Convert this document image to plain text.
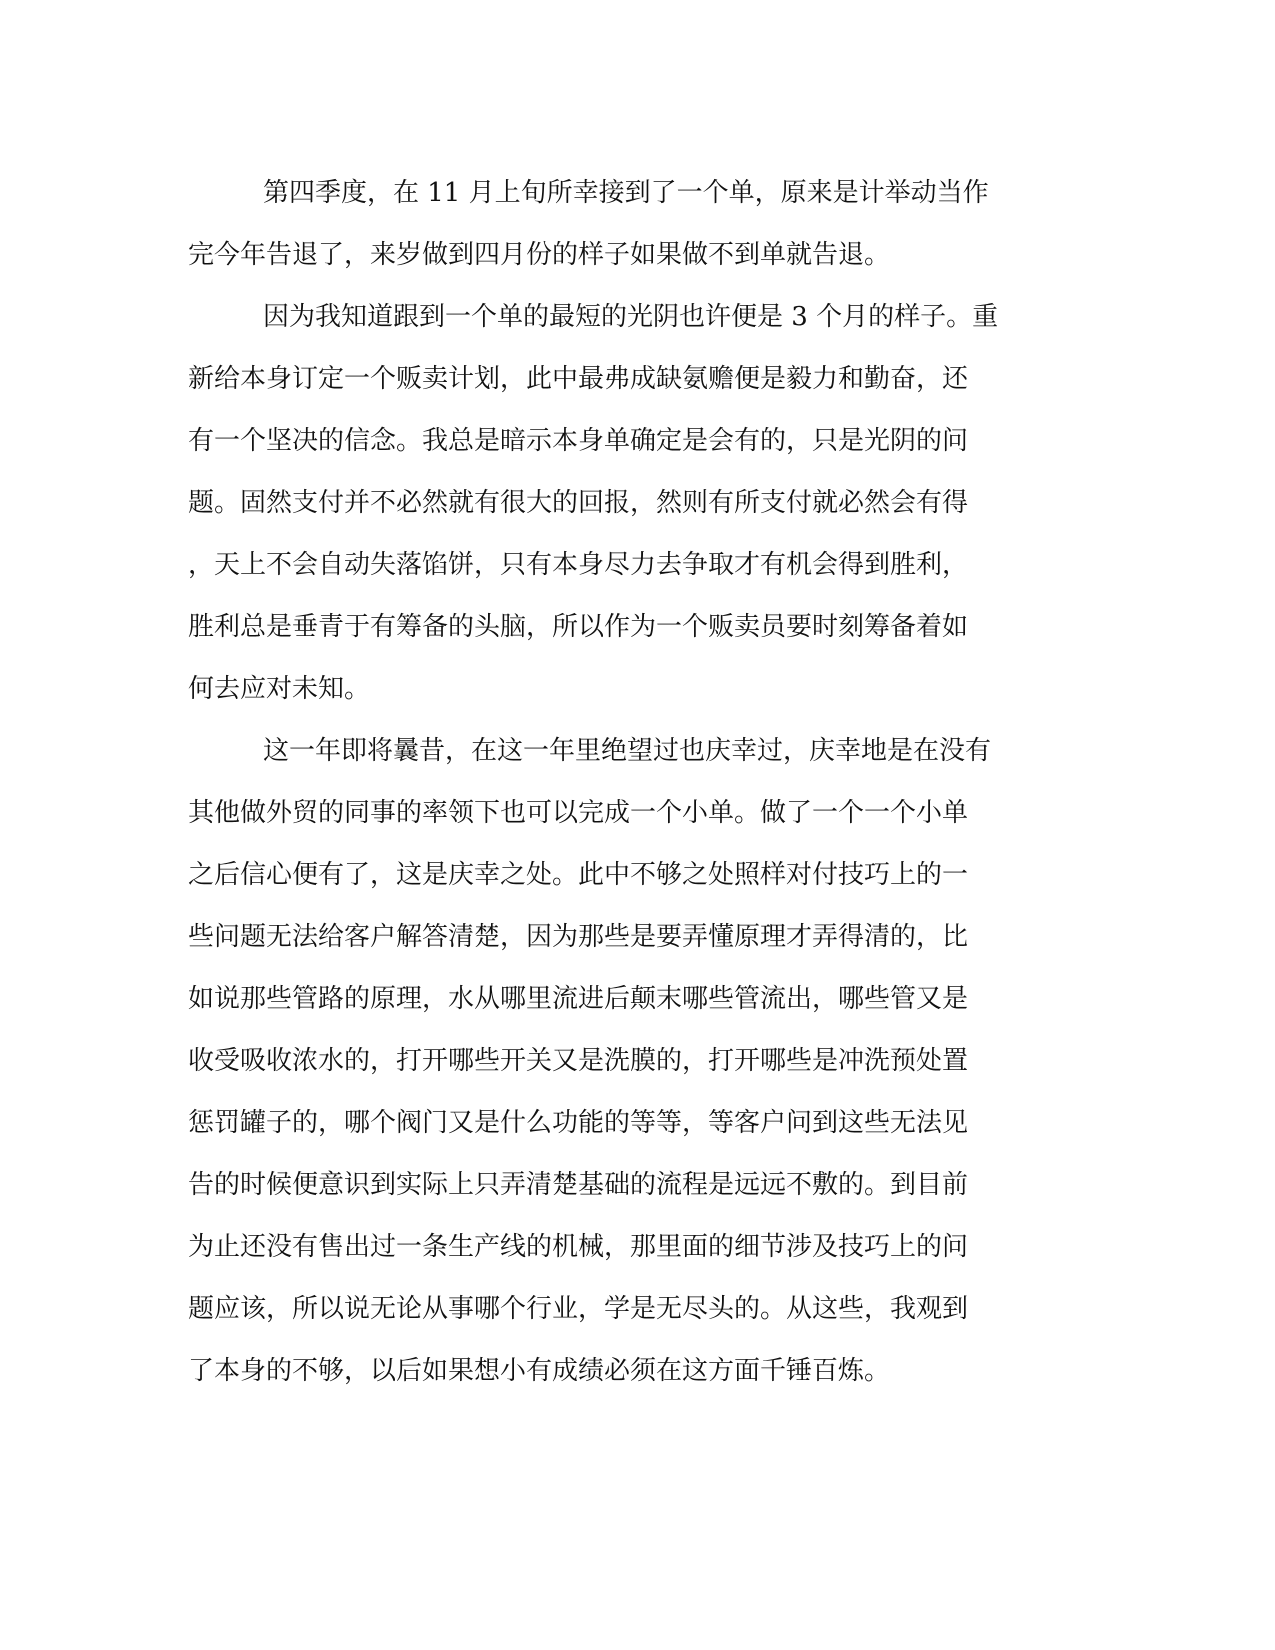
第四季度，在 11 月上旬所幸接到了一个单，原来是计举动当作
完今年告退了，来岁做到四月份的样子如果做不到单就告退。
因为我知道跟到一个单的最短的光阴也许便是 3 个月的样子。重
新给本身订定一个贩卖计划，此中最弗成缺氨赡便是毅力和勤奋，还
有一个坚决的信念。我总是暗示本身单确定是会有的，只是光阴的问
题。固然支付并不必然就有很大的回报，然则有所支付就必然会有得
，天上不会自动失落馅饼，只有本身尽力去争取才有机会得到胜利，
胜利总是垂青于有筹备的头脑，所以作为一个贩卖员要时刻筹备着如
何去应对未知。
这一年即将曩昔，在这一年里绝望过也庆幸过，庆幸地是在没有
其他做外贸的同事的率领下也可以完成一个小单。做了一个一个小单
之后信心便有了，这是庆幸之处。此中不够之处照样对付技巧上的一
些问题无法给客户解答清楚，因为那些是要弄懂原理才弄得清的，比
如说那些管路的原理，水从哪里流进后颠末哪些管流出，哪些管又是
收受吸收浓水的，打开哪些开关又是洗膜的，打开哪些是冲洗预处置
惩罚罐子的，哪个阀门又是什么功能的等等，等客户问到这些无法见
告的时候便意识到实际上只弄清楚基础的流程是远远不敷的。到目前
为止还没有售出过一条生产线的机械，那里面的细节涉及技巧上的问
题应该，所以说无论从事哪个行业，学是无尽头的。从这些，我观到
了本身的不够，以后如果想小有成绩必须在这方面千锤百炼。
